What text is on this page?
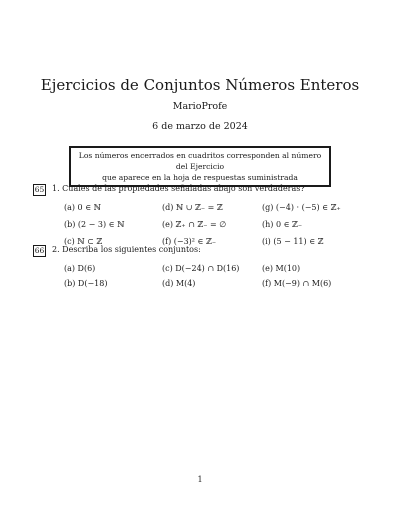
Ejercicios de Conjuntos Números Enteros
MarioProfe
6 de marzo de 2024
Los números encerrados en cuadritos corresponden al número del Ejercicio
que aparece en la hoja de respuestas suministrada
65 1. Cuales de las propiedades señaladas abajo son verdaderas?
(a) 0 ∈ ℕ	(d) ℕ ∪ ℤ₋ = ℤ	(g) (−4) · (−5) ∈ ℤ₊
(b) (2 − 3) ∈ ℕ	(e) ℤ₊ ∩ ℤ₋ = ∅	(h) 0 ∈ ℤ₋
(c) ℕ ⊂ ℤ	(f) (−3)² ∈ ℤ₋	(i) (5 − 11) ∈ ℤ
66 2. Describa los siguientes conjuntos:
(a) D(6)	(c) D(−24) ∩ D(16)	(e) M(10)
(b) D(−18)	(d) M(4)	(f) M(−9) ∩ M(6)
1
